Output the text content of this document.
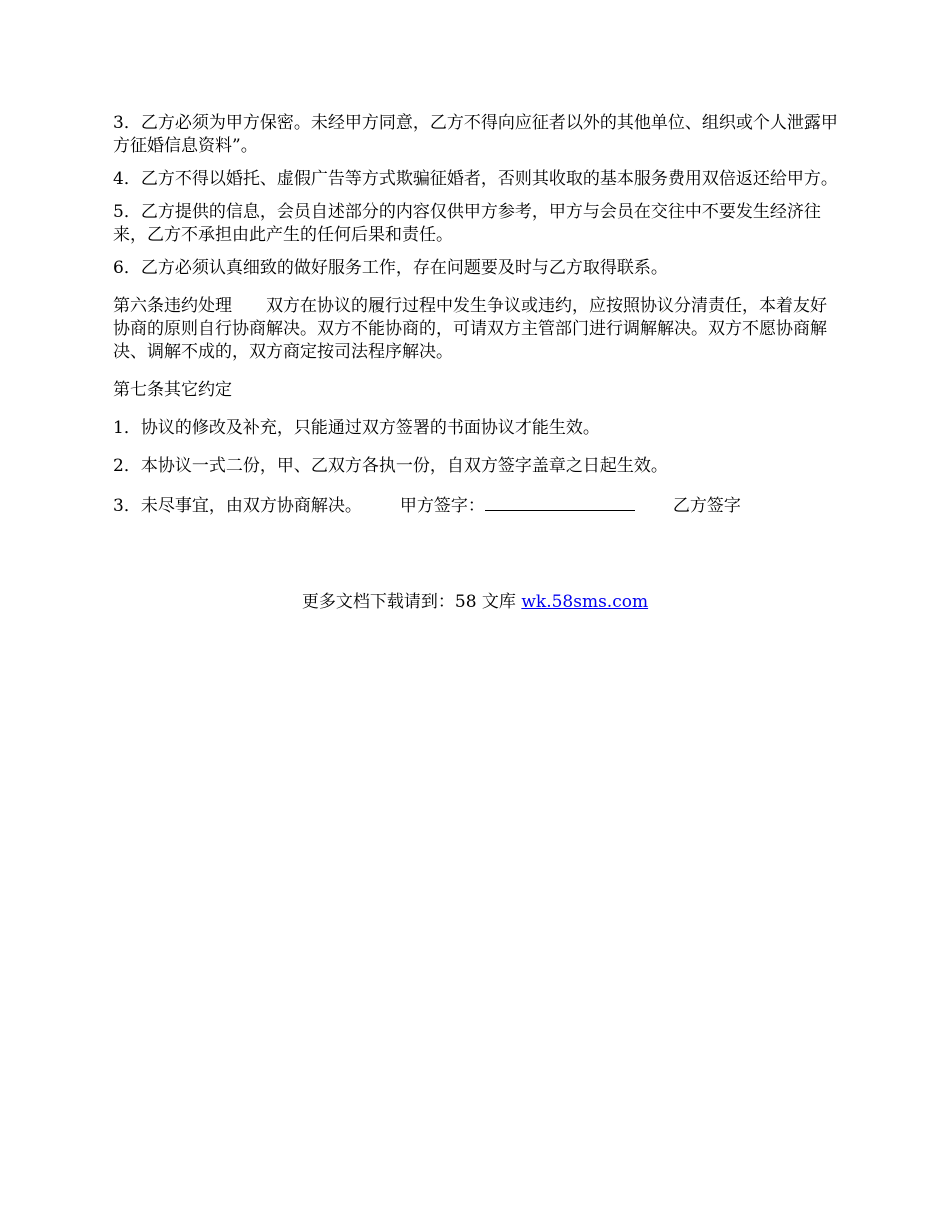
3．乙方必须为甲方保密。未经甲方同意，乙方不得向应征者以外的其他单位、组织或个人泄露甲方征婚信息资料”。

4．乙方不得以婚托、虚假广告等方式欺骗征婚者，否则其收取的基本服务费用双倍返还给甲方。

5．乙方提供的信息，会员自述部分的内容仅供甲方参考，甲方与会员在交往中不要发生经济往来，乙方不承担由此产生的任何后果和责任。

6．乙方必须认真细致的做好服务工作，存在问题要及时与乙方取得联系。

第六条违约处理　　双方在协议的履行过程中发生争议或违约，应按照协议分清责任，本着友好协商的原则自行协商解决。双方不能协商的，可请双方主管部门进行调解解决。双方不愿协商解决、调解不成的，双方商定按司法程序解决。

第七条其它约定

1．协议的修改及补充，只能通过双方签署的书面协议才能生效。

2．本协议一式二份，甲、乙双方各执一份，自双方签字盖章之日起生效。

3．未尽事宜，由双方协商解决。 甲方签字：	乙方签字

更多文档下载请到：58 文库 wk.58sms.com
